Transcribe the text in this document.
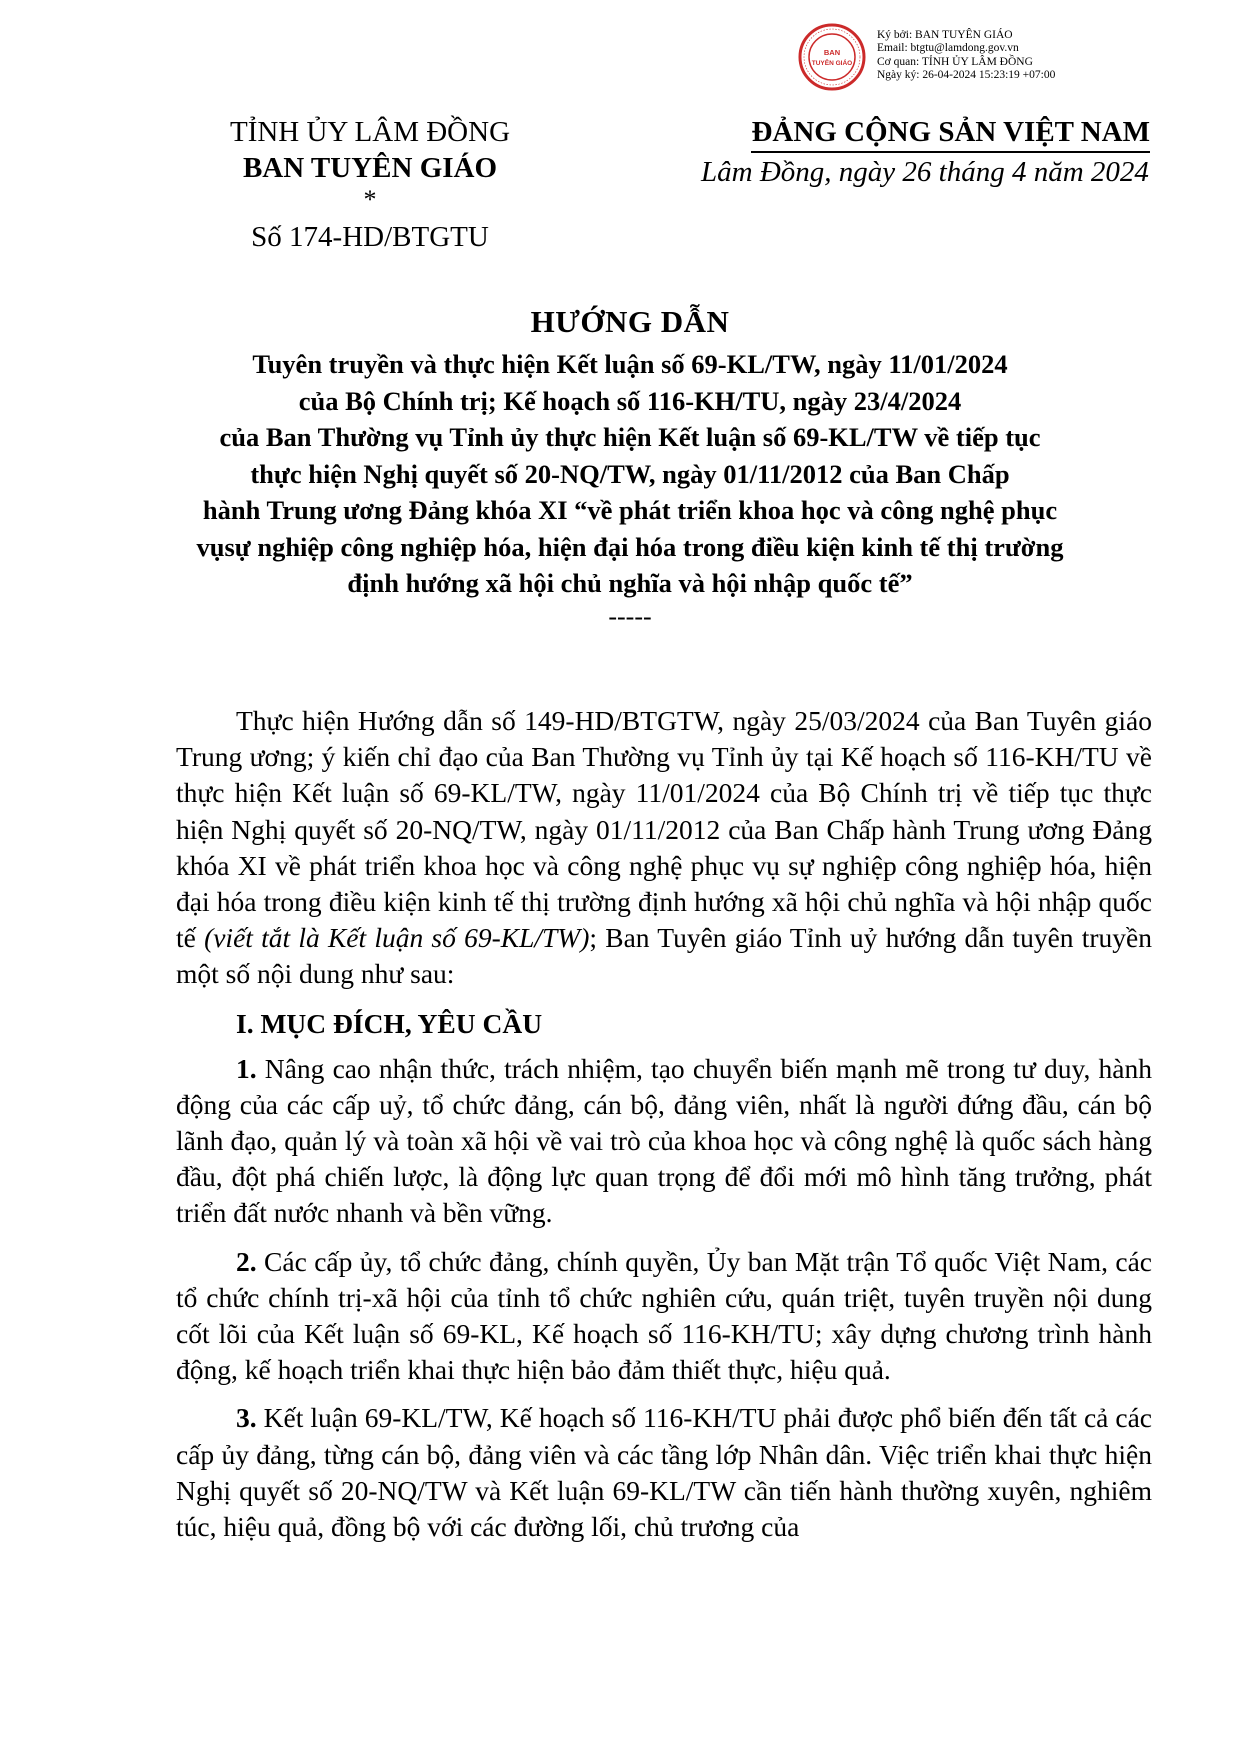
BAN
TUYÊN GIÁO
Ký bởi: BAN TUYÊN GIÁO
Email: btgtu@lamdong.gov.vn
Cơ quan: TỈNH ỦY LÂM ĐỒNG
Ngày ký: 26-04-2024 15:23:19 +07:00
TỈNH ỦY LÂM ĐỒNG
BAN TUYÊN GIÁO
*
Số 174-HD/BTGTU
ĐẢNG CỘNG SẢN VIỆT NAM
Lâm Đồng, ngày 26 tháng 4 năm 2024
HƯỚNG DẪN
Tuyên truyền và thực hiện Kết luận số 69-KL/TW, ngày 11/01/2024
của Bộ Chính trị; Kế hoạch số 116-KH/TU, ngày 23/4/2024
của Ban Thường vụ Tỉnh ủy thực hiện Kết luận số 69-KL/TW về tiếp tục
thực hiện Nghị quyết số 20-NQ/TW, ngày 01/11/2012 của Ban Chấp
hành Trung ương Đảng khóa XI “về phát triển khoa học và công nghệ phục
vụsự nghiệp công nghiệp hóa, hiện đại hóa trong điều kiện kinh tế thị trường
định hướng xã hội chủ nghĩa và hội nhập quốc tế”
-----

Thực hiện Hướng dẫn số 149-HD/BTGTW, ngày 25/03/2024 của Ban Tuyên giáo Trung ương; ý kiến chỉ đạo của Ban Thường vụ Tỉnh ủy tại Kế hoạch số 116-KH/TU về thực hiện Kết luận số 69-KL/TW, ngày 11/01/2024 của Bộ Chính trị về tiếp tục thực hiện Nghị quyết số 20-NQ/TW, ngày 01/11/2012 của Ban Chấp hành Trung ương Đảng khóa XI về phát triển khoa học và công nghệ phục vụ sự nghiệp công nghiệp hóa, hiện đại hóa trong điều kiện kinh tế thị trường định hướng xã hội chủ nghĩa và hội nhập quốc tế (viết tắt là Kết luận số 69-KL/TW); Ban Tuyên giáo Tỉnh uỷ hướng dẫn tuyên truyền một số nội dung như sau:

I. MỤC ĐÍCH, YÊU CẦU

1. Nâng cao nhận thức, trách nhiệm, tạo chuyển biến mạnh mẽ trong tư duy, hành động của các cấp uỷ, tổ chức đảng, cán bộ, đảng viên, nhất là người đứng đầu, cán bộ lãnh đạo, quản lý và toàn xã hội về vai trò của khoa học và công nghệ là quốc sách hàng đầu, đột phá chiến lược, là động lực quan trọng để đổi mới mô hình tăng trưởng, phát triển đất nước nhanh và bền vững.

2. Các cấp ủy, tổ chức đảng, chính quyền, Ủy ban Mặt trận Tổ quốc Việt Nam, các tổ chức chính trị-xã hội của tỉnh tổ chức nghiên cứu, quán triệt, tuyên truyền nội dung cốt lõi của Kết luận số 69-KL, Kế hoạch số 116-KH/TU; xây dựng chương trình hành động, kế hoạch triển khai thực hiện bảo đảm thiết thực, hiệu quả.

3. Kết luận 69-KL/TW, Kế hoạch số 116-KH/TU phải được phổ biến đến tất cả các cấp ủy đảng, từng cán bộ, đảng viên và các tầng lớp Nhân dân. Việc triển khai thực hiện Nghị quyết số 20-NQ/TW và Kết luận 69-KL/TW cần tiến hành thường xuyên, nghiêm túc, hiệu quả, đồng bộ với các đường lối, chủ trương của
